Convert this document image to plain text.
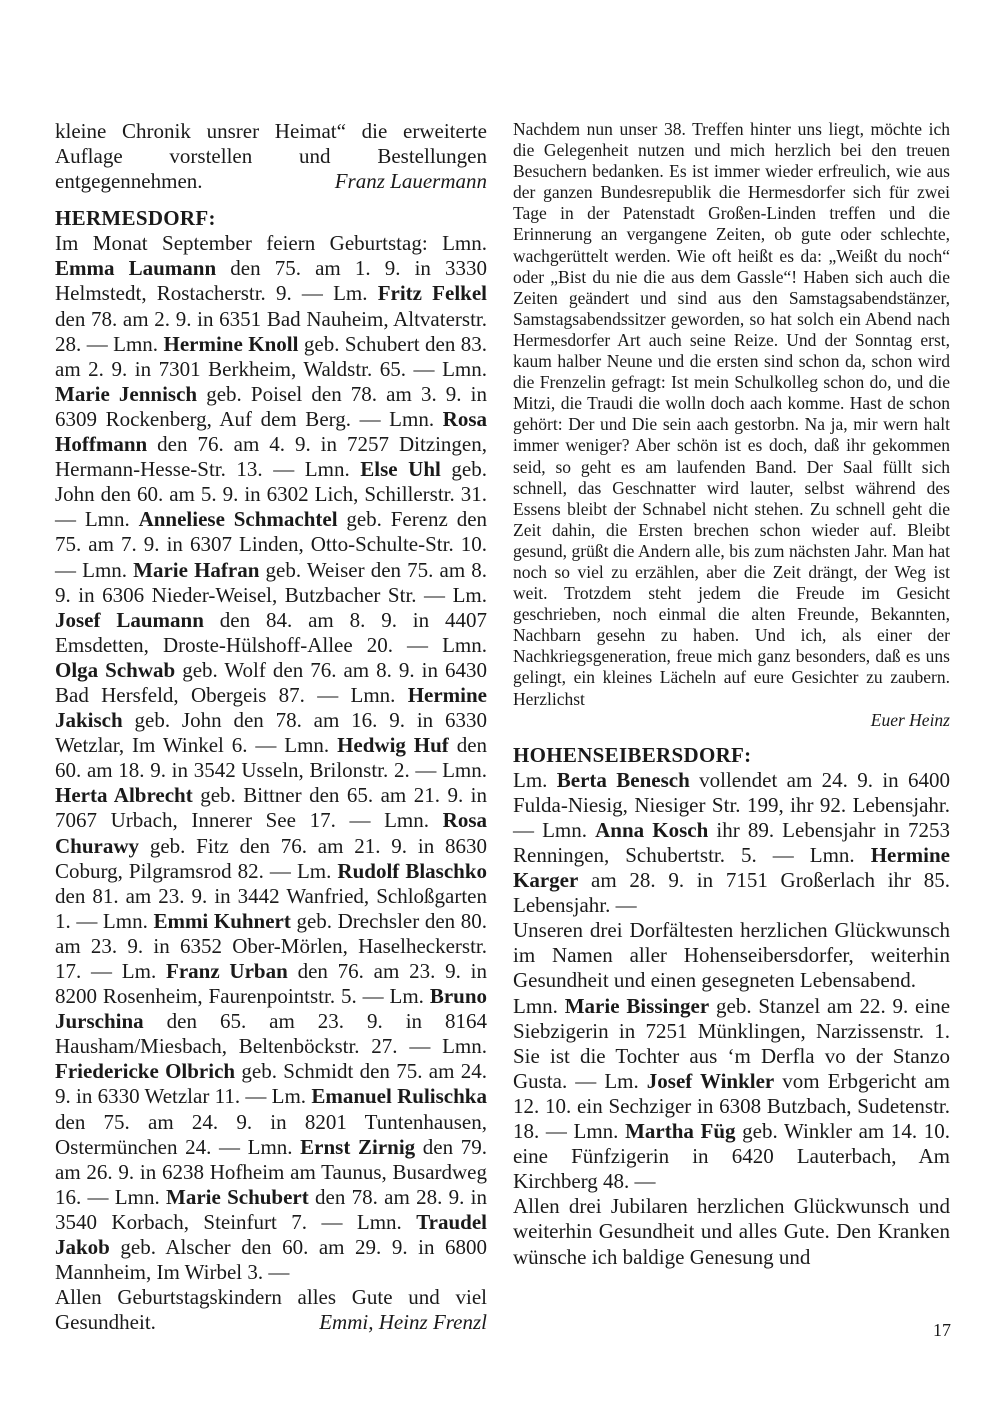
kleine Chronik unsrer Heimat“ die erweiterte Auflage vorstellen und Bestellungen entgegennehmen.	Franz Lauermann

HERMESDORF:

Im Monat September feiern Geburtstag: Lmn. Emma Laumann den 75. am 1. 9. in 3330 Helmstedt, Rostacherstr. 9. — Lm. Fritz Felkel den 78. am 2. 9. in 6351 Bad Nauheim, Altvaterstr. 28. — Lmn. Hermine Knoll geb. Schubert den 83. am 2. 9. in 7301 Berkheim, Waldstr. 65. — Lmn. Marie Jennisch geb. Poisel den 78. am 3. 9. in 6309 Rockenberg, Auf dem Berg. — Lmn. Rosa Hoffmann den 76. am 4. 9. in 7257 Ditzingen, Hermann-Hesse-Str. 13. — Lmn. Else Uhl geb. John den 60. am 5. 9. in 6302 Lich, Schillerstr. 31. — Lmn. Anneliese Schmachtel geb. Ferenz den 75. am 7. 9. in 6307 Linden, Otto-Schulte-Str. 10. — Lmn. Marie Hafran geb. Weiser den 75. am 8. 9. in 6306 Nieder-Weisel, Butzbacher Str. — Lm. Josef Laumann den 84. am 8. 9. in 4407 Emsdetten, Droste-Hülshoff-Allee 20. — Lmn. Olga Schwab geb. Wolf den 76. am 8. 9. in 6430 Bad Hersfeld, Obergeis 87. — Lmn. Hermine Jakisch geb. John den 78. am 16. 9. in 6330 Wetzlar, Im Winkel 6. — Lmn. Hedwig Huf den 60. am 18. 9. in 3542 Usseln, Brilonstr. 2. — Lmn. Herta Albrecht geb. Bittner den 65. am 21. 9. in 7067 Urbach, Innerer See 17. — Lmn. Rosa Churawy geb. Fitz den 76. am 21. 9. in 8630 Coburg, Pilgramsrod 82. — Lm. Rudolf Blaschko den 81. am 23. 9. in 3442 Wanfried, Schloßgarten 1. — Lmn. Emmi Kuhnert geb. Drechsler den 80. am 23. 9. in 6352 Ober-Mörlen, Haselheckerstr. 17. — Lm. Franz Urban den 76. am 23. 9. in 8200 Rosenheim, Faurenpointstr. 5. — Lm. Bruno Jurschina den 65. am 23. 9. in 8164 Hausham/Miesbach, Beltenböckstr. 27. — Lmn. Friedericke Olbrich geb. Schmidt den 75. am 24. 9. in 6330 Wetzlar 11. — Lm. Emanuel Rulischka den 75. am 24. 9. in 8201 Tuntenhausen, Ostermünchen 24. — Lmn. Ernst Zirnig den 79. am 26. 9. in 6238 Hofheim am Taunus, Busardweg 16. — Lmn. Marie Schubert den 78. am 28. 9. in 3540 Korbach, Steinfurt 7. — Lmn. Traudel Jakob geb. Alscher den 60. am 29. 9. in 6800 Mannheim, Im Wirbel 3. —

Allen Geburtstagskindern alles Gute und viel Gesundheit.	Emmi, Heinz Frenzl

Nachdem nun unser 38. Treffen hinter uns liegt, möchte ich die Gelegenheit nutzen und mich herzlich bei den treuen Besuchern bedanken. Es ist immer wieder erfreulich, wie aus der ganzen Bundesrepublik die Hermesdorfer sich für zwei Tage in der Patenstadt Großen-Linden treffen und die Erinnerung an vergangene Zeiten, ob gute oder schlechte, wachgerüttelt werden. Wie oft heißt es da: „Weißt du noch“ oder „Bist du nie die aus dem Gassle“! Haben sich auch die Zeiten geändert und sind aus den Samstagsabendstänzer, Samstagsabendssitzer geworden, so hat solch ein Abend nach Hermesdorfer Art auch seine Reize. Und der Sonntag erst, kaum halber Neune und die ersten sind schon da, schon wird die Frenzelin gefragt: Ist mein Schulkolleg schon do, und die Mitzi, die Traudi die wolln doch aach komme. Hast de schon gehört: Der und Die sein aach gestorbn. Na ja, mir wern halt immer weniger? Aber schön ist es doch, daß ihr gekommen seid, so geht es am laufenden Band. Der Saal füllt sich schnell, das Geschnatter wird lauter, selbst während des Essens bleibt der Schnabel nicht stehen. Zu schnell geht die Zeit dahin, die Ersten brechen schon wieder auf. Bleibt gesund, grüßt die Andern alle, bis zum nächsten Jahr. Man hat noch so viel zu erzählen, aber die Zeit drängt, der Weg ist weit. Trotzdem steht jedem die Freude im Gesicht geschrieben, noch einmal die alten Freunde, Bekannten, Nachbarn gesehn zu haben. Und ich, als einer der Nachkriegsgeneration, freue mich ganz besonders, daß es uns gelingt, ein kleines Lächeln auf eure Gesichter zu zaubern. Herzlichst

Euer Heinz

HOHENSEIBERSDORF:

Lm. Berta Benesch vollendet am 24. 9. in 6400 Fulda-Niesig, Niesiger Str. 199, ihr 92. Lebensjahr. — Lmn. Anna Kosch ihr 89. Lebensjahr in 7253 Renningen, Schubertstr. 5. — Lmn. Hermine Karger am 28. 9. in 7151 Großerlach ihr 85. Lebensjahr. —

Unseren drei Dorfältesten herzlichen Glückwunsch im Namen aller Hohenseibersdorfer, weiterhin Gesundheit und einen gesegneten Lebensabend.

Lmn. Marie Bissinger geb. Stanzel am 22. 9. eine Siebzigerin in 7251 Münklingen, Narzissenstr. 1. Sie ist die Tochter aus ‘m Derfla vo der Stanzo Gusta. — Lm. Josef Winkler vom Erbgericht am 12. 10. ein Sechziger in 6308 Butzbach, Sudetenstr. 18. — Lmn. Martha Füg geb. Winkler am 14. 10. eine Fünfzigerin in 6420 Lauterbach, Am Kirchberg 48. —

Allen drei Jubilaren herzlichen Glückwunsch und weiterhin Gesundheit und alles Gute. Den Kranken wünsche ich baldige Genesung und

17
